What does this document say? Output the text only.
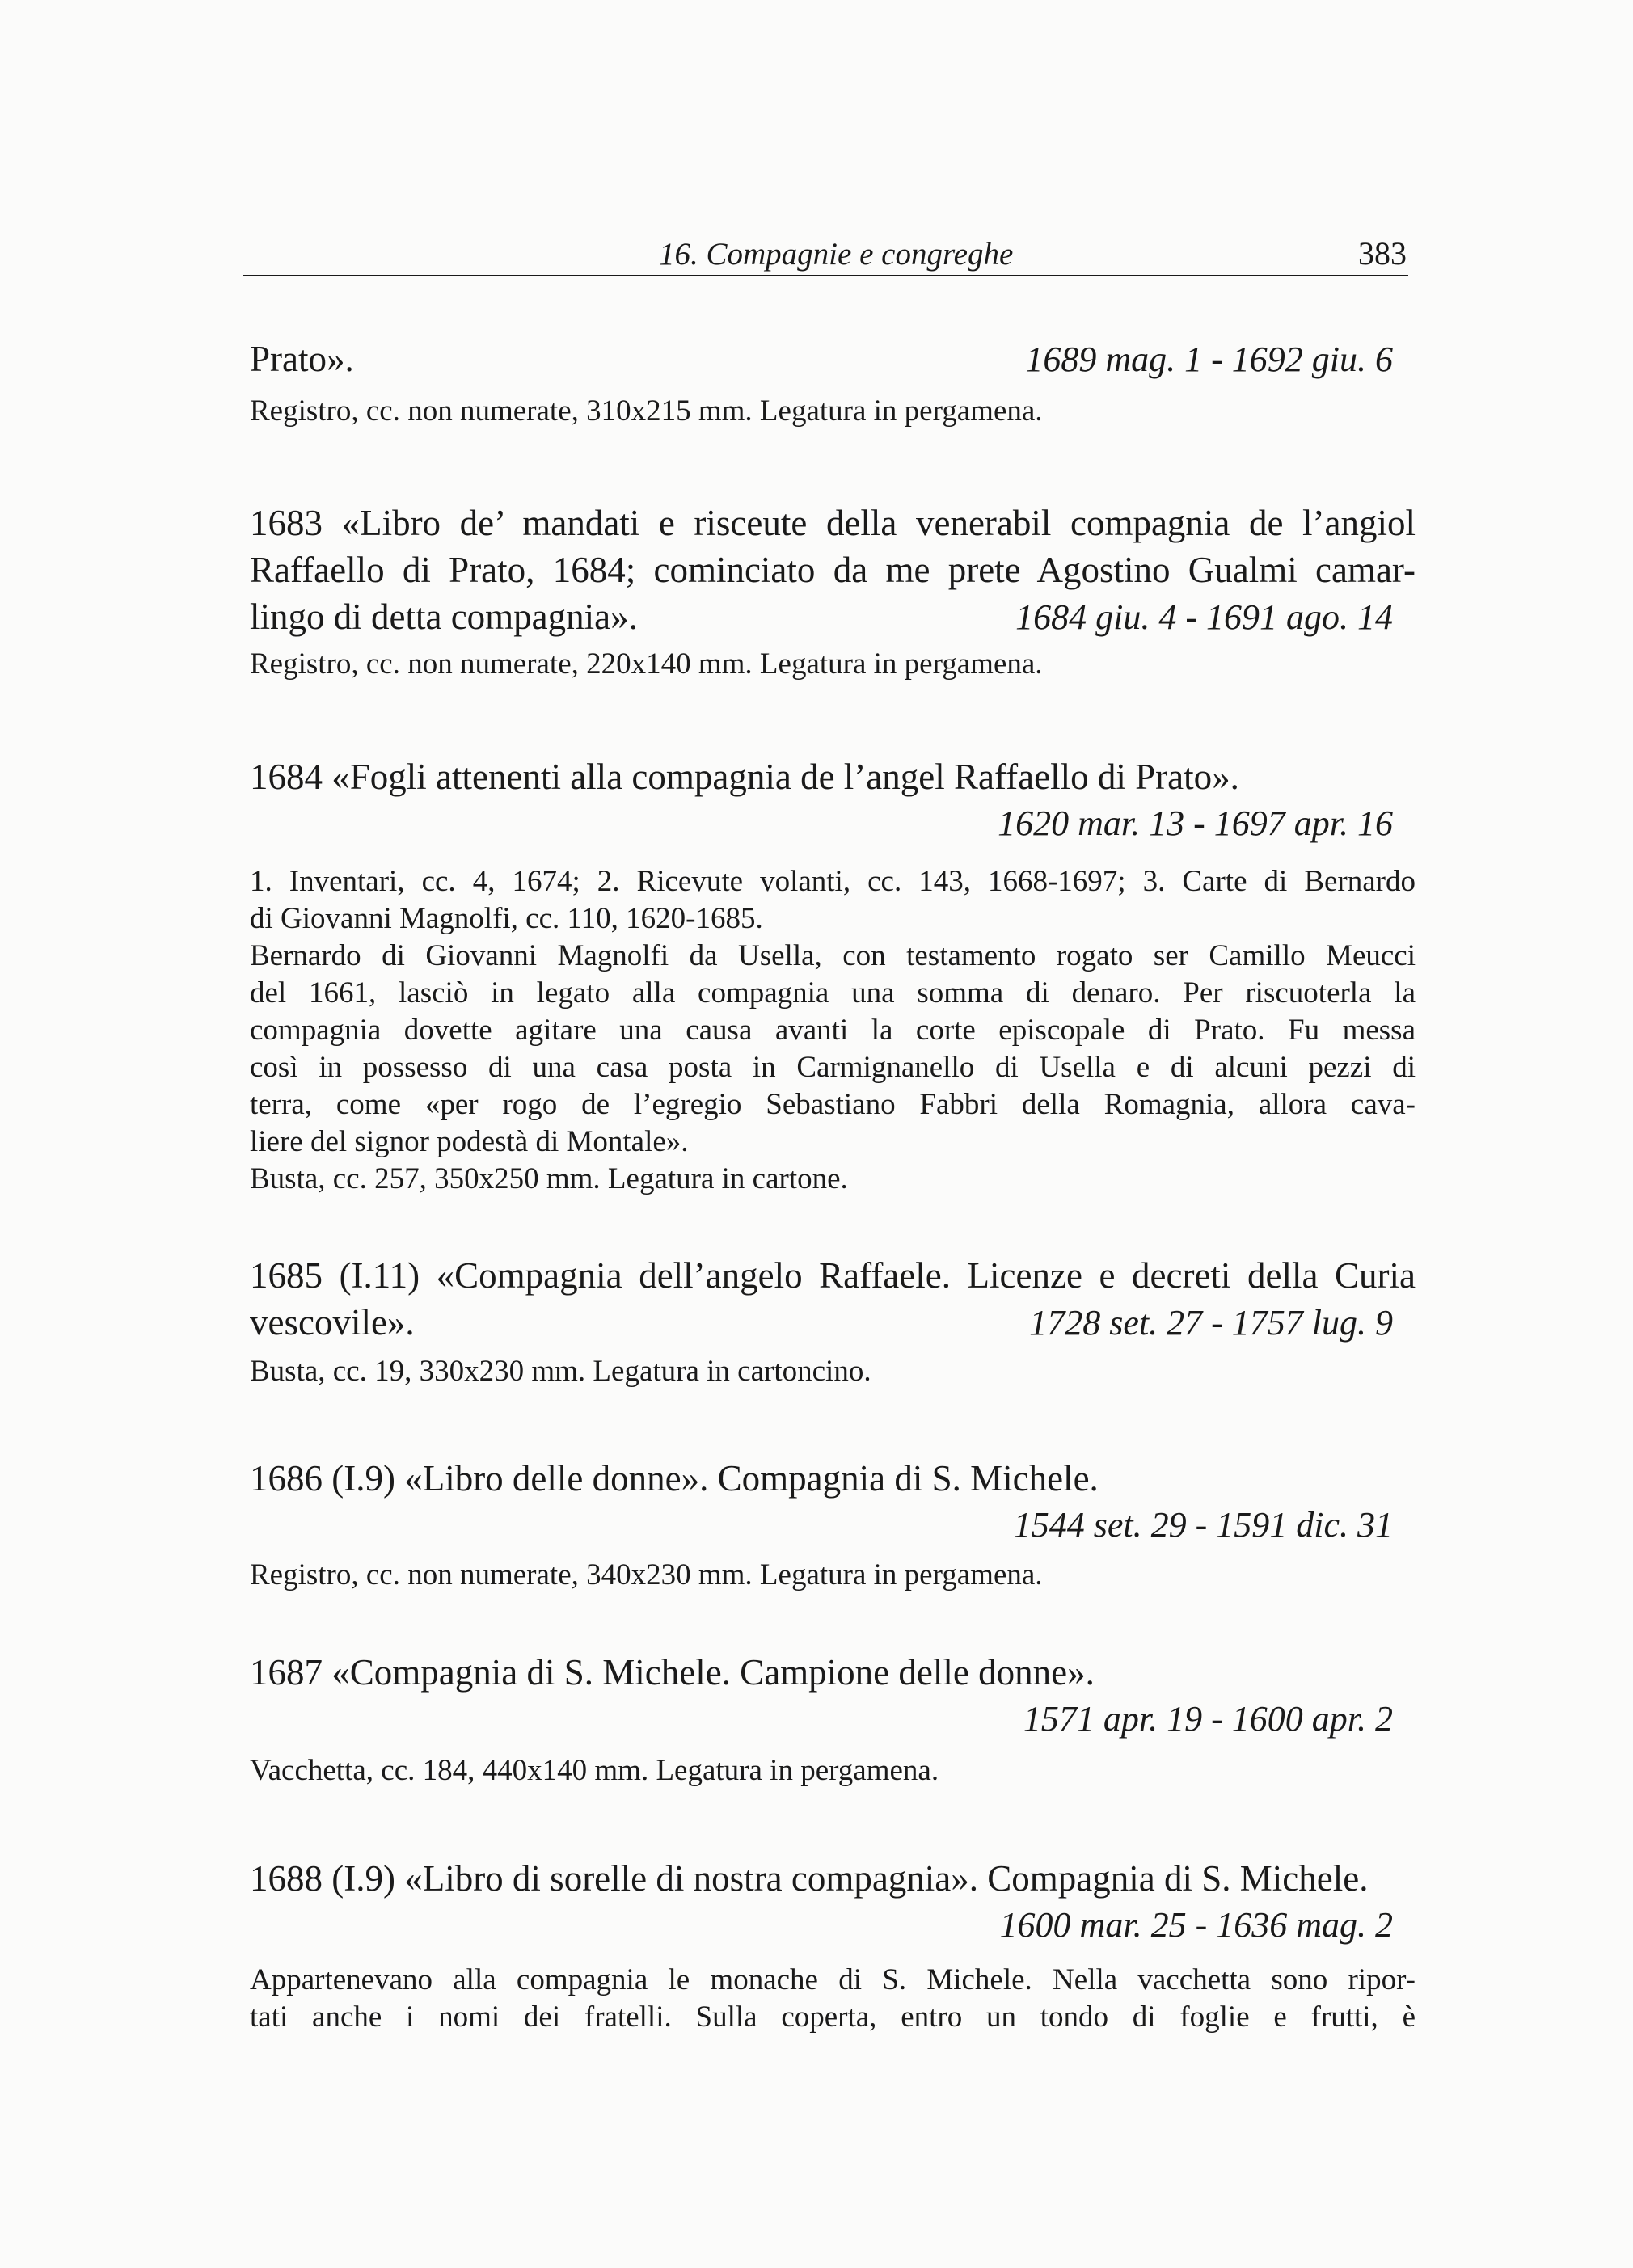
16. Compagnie e congreghe	383
Prato».	1689 mag. 1 - 1692 giu. 6
Registro, cc. non numerate, 310x215 mm. Legatura in pergamena.
1683 «Libro de’ mandati e risceute della venerabil compagnia de l’angiol
Raffaello di Prato, 1684; cominciato da me prete Agostino Gualmi camar-
lingo di detta compagnia».	1684 giu. 4 - 1691 ago. 14
Registro, cc. non numerate, 220x140 mm. Legatura in pergamena.
1684 «Fogli attenenti alla compagnia de l’angel Raffaello di Prato».
1620 mar. 13 - 1697 apr. 16
1. Inventari, cc. 4, 1674; 2. Ricevute volanti, cc. 143, 1668-1697; 3. Carte di Bernardo
di Giovanni Magnolfi, cc. 110, 1620-1685.
Bernardo di Giovanni Magnolfi da Usella, con testamento rogato ser Camillo Meucci
del 1661, lasciò in legato alla compagnia una somma di denaro. Per riscuoterla la
compagnia dovette agitare una causa avanti la corte episcopale di Prato. Fu messa
così in possesso di una casa posta in Carmignanello di Usella e di alcuni pezzi di
terra, come «per rogo de l’egregio Sebastiano Fabbri della Romagnia, allora cava-
liere del signor podestà di Montale».
Busta, cc. 257, 350x250 mm. Legatura in cartone.
1685 (I.11) «Compagnia dell’angelo Raffaele. Licenze e decreti della Curia
vescovile».	1728 set. 27 - 1757 lug. 9
Busta, cc. 19, 330x230 mm. Legatura in cartoncino.
1686 (I.9) «Libro delle donne». Compagnia di S. Michele.
1544 set. 29 - 1591 dic. 31
Registro, cc. non numerate, 340x230 mm. Legatura in pergamena.
1687 «Compagnia di S. Michele. Campione delle donne».
1571 apr. 19 - 1600 apr. 2
Vacchetta, cc. 184, 440x140 mm. Legatura in pergamena.
1688 (I.9) «Libro di sorelle di nostra compagnia». Compagnia di S. Michele.
1600 mar. 25 - 1636 mag. 2
Appartenevano alla compagnia le monache di S. Michele. Nella vacchetta sono ripor-
tati anche i nomi dei fratelli. Sulla coperta, entro un tondo di foglie e frutti, è
